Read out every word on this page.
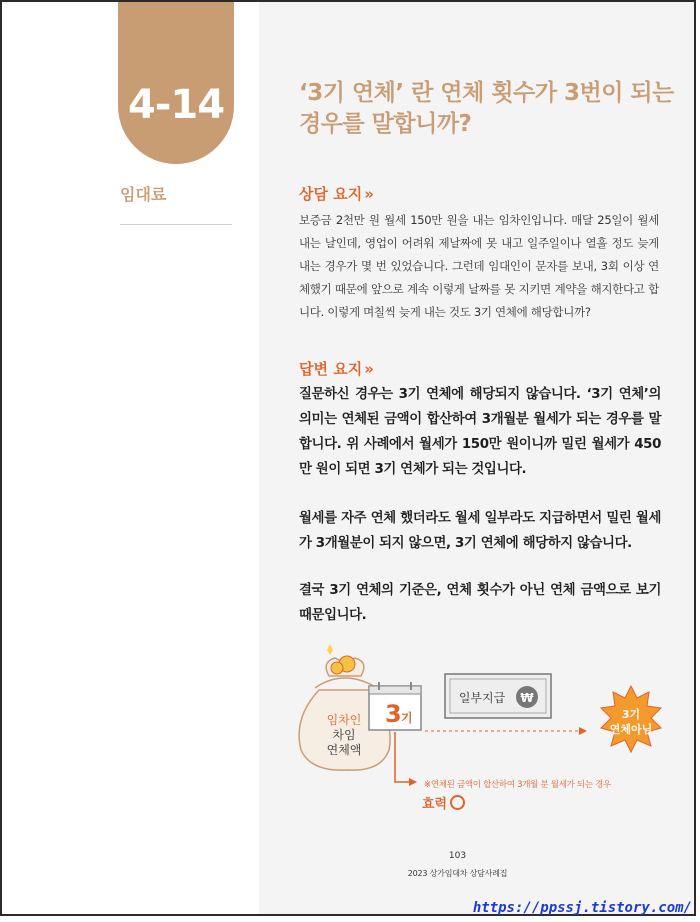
4-14
임대료
‘3기 연체’ 란 연체 횟수가 3번이 되는 경우를 말합니까?
상담 요지 »
보증금 2천만 원 월세 150만 원을 내는 임차인입니다. 매달 25일이 월세 내는 날인데, 영업이 어려워 제날짜에 못 내고 일주일이나 열흘 정도 늦게 내는 경우가 몇 번 있었습니다. 그런데 임대인이 문자를 보내, 3회 이상 연체했기 때문에 앞으로 계속 이렇게 날짜를 못 지키면 계약을 해지한다고 합니다. 이렇게 며칠씩 늦게 내는 것도 3기 연체에 해당합니까?
답변 요지 »
질문하신 경우는 3기 연체에 해당되지 않습니다. ‘3기 연체’의 의미는 연체된 금액이 합산하여 3개월분 월세가 되는 경우를 말합니다. 위 사례에서 월세가 150만 원이니까 밀린 월세가 450만 원이 되면 3기 연체가 되는 것입니다.
월세를 자주 연체 했더라도 월세 일부라도 지급하면서 밀린 월세가 3개월분이 되지 않으면, 3기 연체에 해당하지 않습니다.
결국 3기 연체의 기준은, 연체 횟수가 아닌 연체 금액으로 보기 때문입니다.
임차인
차임
연체액
3 기
일부지급 ₩
3기
연체아님
※연체된 금액이 합산하여 3개월 분 월세가 되는 경우
효력
103
2023 상가임대차 상담사례집
https://ppssj.tistory.com/
